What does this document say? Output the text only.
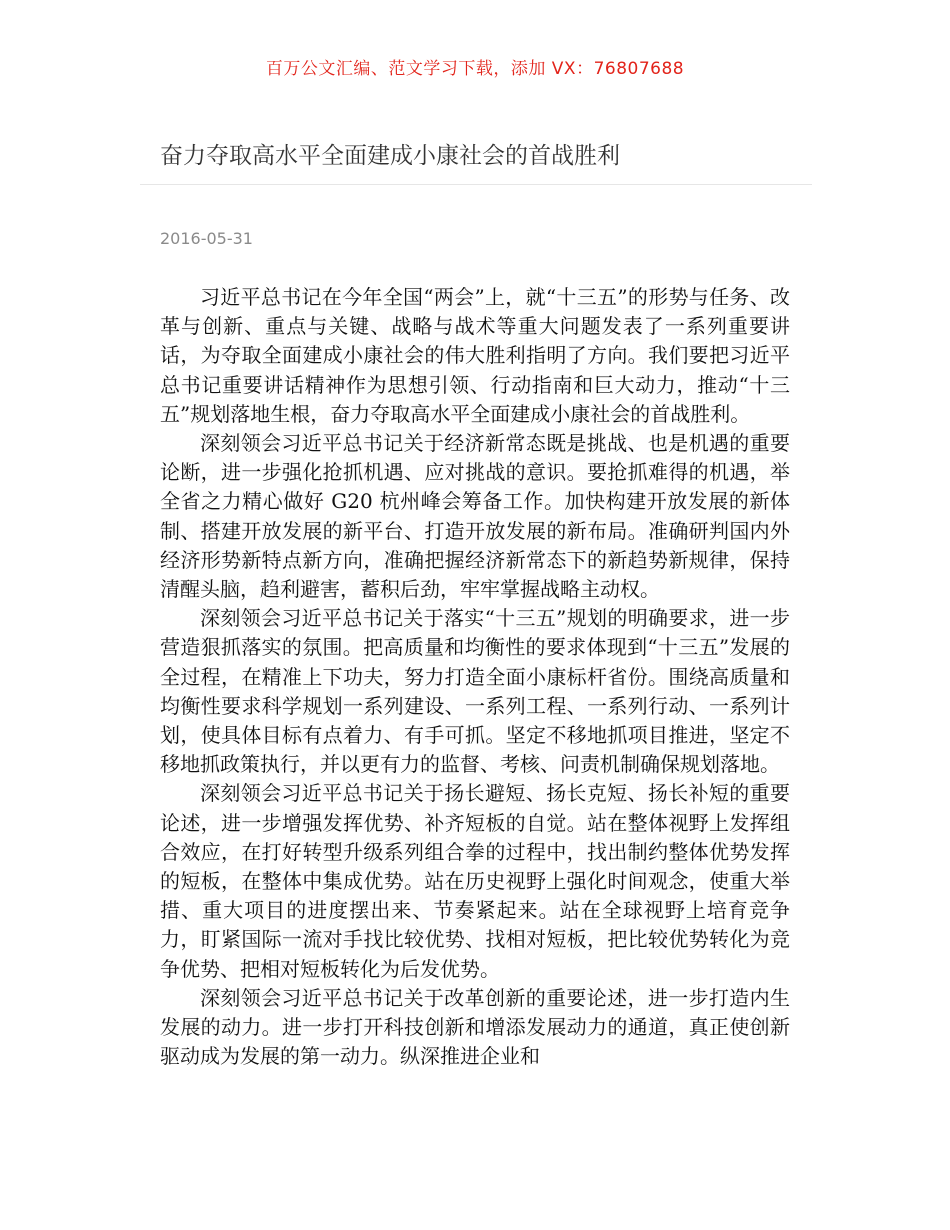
百万公文汇编、范文学习下载，添加 VX：76807688
奋力夺取高水平全面建成小康社会的首战胜利
2016-05-31

习近平总书记在今年全国“两会”上，就“十三五”的形势与任务、改革与创新、重点与关键、战略与战术等重大问题发表了一系列重要讲话，为夺取全面建成小康社会的伟大胜利指明了方向。我们要把习近平总书记重要讲话精神作为思想引领、行动指南和巨大动力，推动“十三五”规划落地生根，奋力夺取高水平全面建成小康社会的首战胜利。

深刻领会习近平总书记关于经济新常态既是挑战、也是机遇的重要论断，进一步强化抢抓机遇、应对挑战的意识。要抢抓难得的机遇，举全省之力精心做好 G20 杭州峰会筹备工作。加快构建开放发展的新体制、搭建开放发展的新平台、打造开放发展的新布局。准确研判国内外经济形势新特点新方向，准确把握经济新常态下的新趋势新规律，保持清醒头脑，趋利避害，蓄积后劲，牢牢掌握战略主动权。

深刻领会习近平总书记关于落实“十三五”规划的明确要求，进一步营造狠抓落实的氛围。把高质量和均衡性的要求体现到“十三五”发展的全过程，在精准上下功夫，努力打造全面小康标杆省份。围绕高质量和均衡性要求科学规划一系列建设、一系列工程、一系列行动、一系列计划，使具体目标有点着力、有手可抓。坚定不移地抓项目推进，坚定不移地抓政策执行，并以更有力的监督、考核、问责机制确保规划落地。

深刻领会习近平总书记关于扬长避短、扬长克短、扬长补短的重要论述，进一步增强发挥优势、补齐短板的自觉。站在整体视野上发挥组合效应，在打好转型升级系列组合拳的过程中，找出制约整体优势发挥的短板，在整体中集成优势。站在历史视野上强化时间观念，使重大举措、重大项目的进度摆出来、节奏紧起来。站在全球视野上培育竞争力，盯紧国际一流对手找比较优势、找相对短板，把比较优势转化为竞争优势、把相对短板转化为后发优势。

深刻领会习近平总书记关于改革创新的重要论述，进一步打造内生发展的动力。进一步打开科技创新和增添发展动力的通道，真正使创新驱动成为发展的第一动力。纵深推进企业和
